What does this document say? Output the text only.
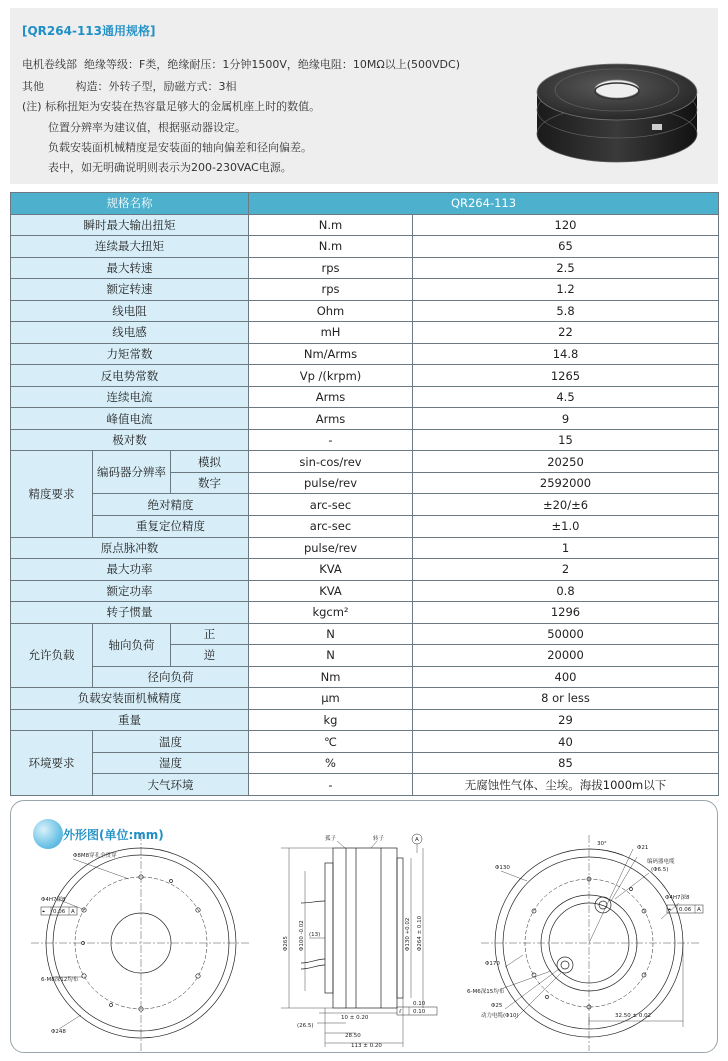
[QR264-113通用规格]
电机卷线部 绝缘等级：F类，绝缘耐压：1分钟1500V，绝缘电阻：10MΩ以上(500VDC)
其他	构造：外转子型，励磁方式：3相
(注) 标称扭矩为安装在热容量足够大的金属机座上时的数值。
位置分辨率为建议值，根据驱动器设定。
负载安装面机械精度是安装面的轴向偏差和径向偏差。
表中，如无明确说明则表示为200-230VAC电源。
规格名称			QR264-113	
瞬时最大输出扭矩			N.m	120
连续最大扭矩			N.m	65
最大转速			rps	2.5
额定转速			rps	1.2
线电阻			Ohm	5.8
线电感			mH	22
力矩常数			Nm/Arms	14.8
反电势常数			Vp /(krpm)	1265
连续电流			Arms	4.5
峰值电流			Arms	9
极对数			-	15
精度要求	编码器分辨率	模拟	sin-cos/rev	20250
		数字	pulse/rev	2592000
	绝对精度		arc-sec	±20/±6
	重复定位精度		arc-sec	±1.0
原点脉冲数			pulse/rev	1
最大功率			KVA	2
额定功率			KVA	0.8
转子惯量			kgcm²	1296
允许负载	轴向负荷	正	N	50000
		逆	N	20000
	径向负荷		Nm	400
负载安装面机械精度			μm	8 or less
重量			kg	29
环境要求	温度		℃	40
	湿度		%	85
	大气环境		-	无腐蚀性气体、尘埃。海拔1000m以下
外形图(单位:mm)
Φ8M8穿孔全贯穿
Φ4H7深8
⌖ 0.06 A
6-M8深12均布
Φ248
孤子	转子	A
Φ265 Φ100 -0.02	Φ130 +0.02 Φ264 ± 0.10
(13)
10 ± 0.20
(26.5)
28.50
113 ± 0.20
⫽ 0.10
0.10
30°
Φ21
编码器电缆
(Φ6.5)
Φ130
Φ170
Φ4H7深8
⌖ 0.06 A
6-M6深15均布
Φ25
动力电缆(Φ10)	32.50 ± 0.02
